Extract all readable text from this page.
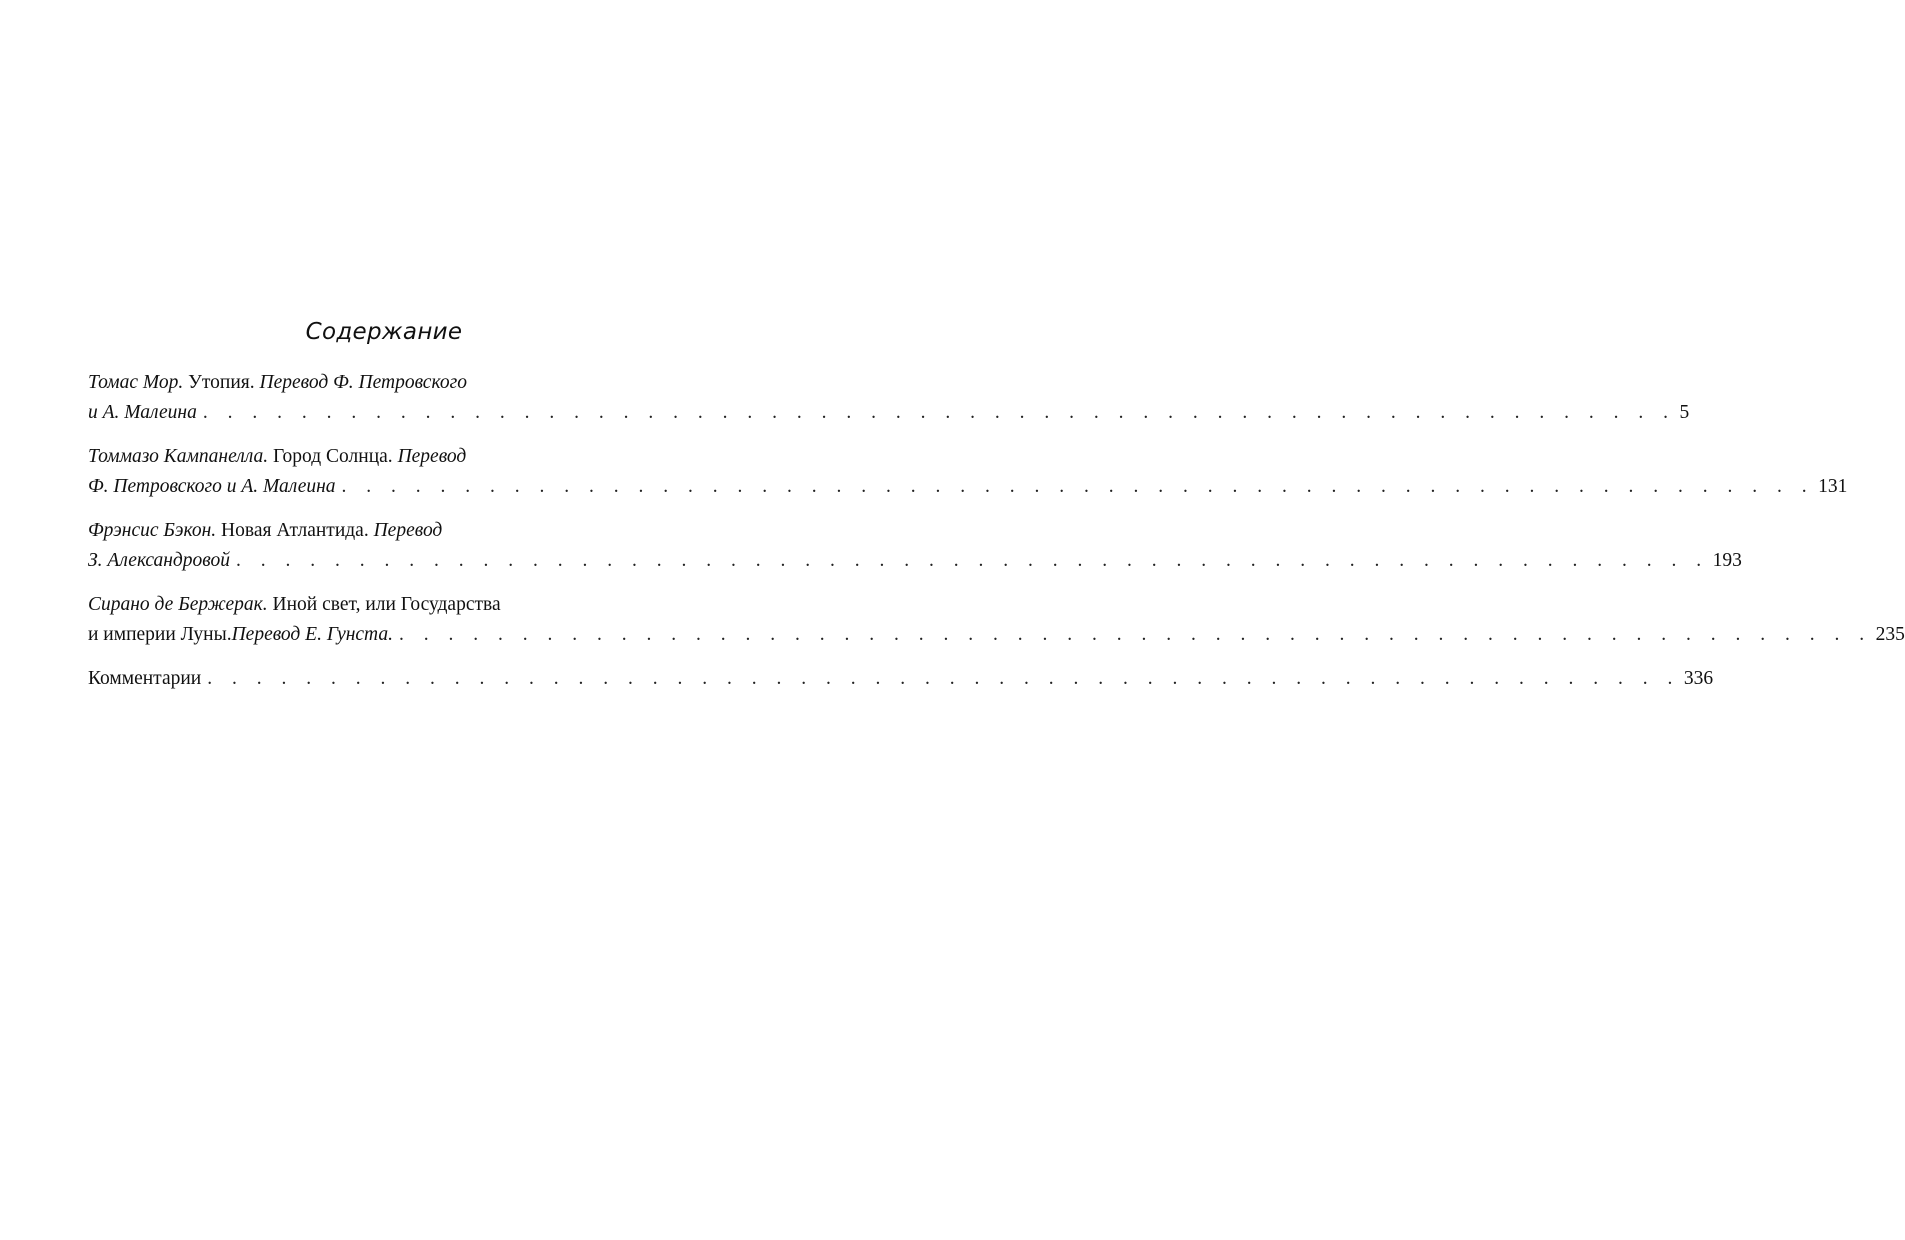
Содержание
Томас Мор. Утопия. Перевод Ф. Петровского
и А. Малеина . . . . . . . . . . . . . . . . . . . . . . . . . . . . . . . . . . . . . . . . . . . . . . . . . . . . . . . . . . . . 5
Томмазо Кампанелла. Город Солнца. Перевод
Ф. Петровского и А. Малеина . . . . . . . . . . . . . . . . . . . . . . . . . . . . . . . . . . . . . . . . . . . . . . . . . . . . . . . . . . . . 131
Фрэнсис Бэкон. Новая Атлантида. Перевод
З. Александровой . . . . . . . . . . . . . . . . . . . . . . . . . . . . . . . . . . . . . . . . . . . . . . . . . . . . . . . . . . . . 193
Сирано де Бержерак. Иной свет, или Государства
и империи Луны. Перевод Е. Гунста. . . . . . . . . . . . . . . . . . . . . . . . . . . . . . . . . . . . . . . . . . . . . . . . . . . . . . . . . . . . . 235
Комментарии . . . . . . . . . . . . . . . . . . . . . . . . . . . . . . . . . . . . . . . . . . . . . . . . . . . . . . . . . . . . 336
